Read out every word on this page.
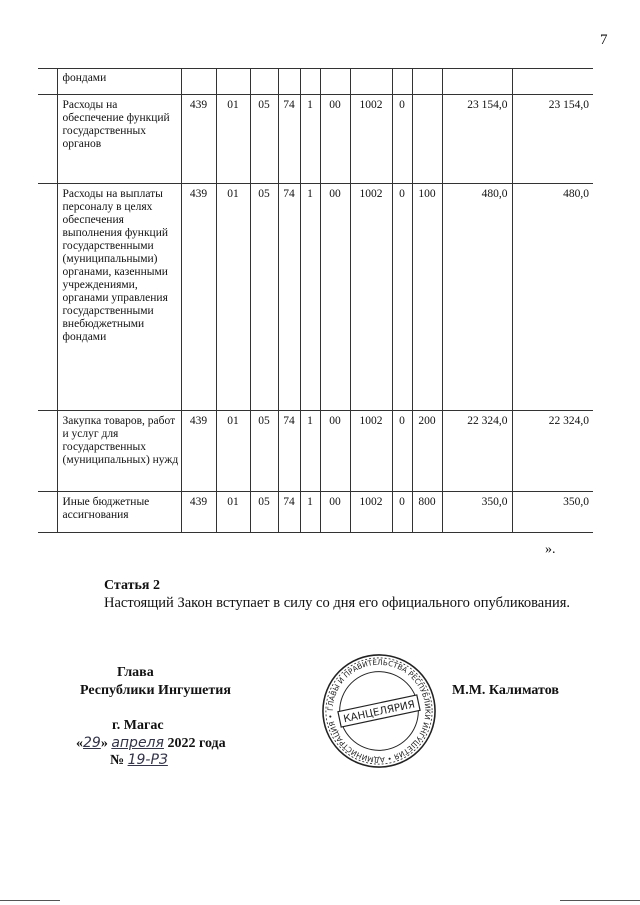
7
	фондами											
	Расходы на обеспечение функций государственных органов	439	01	05	74	1	00	1002	0		23 154,0	23 154,0
	Расходы на выплаты персоналу в целях обеспечения выполнения функций государственными (муниципальными) органами, казенными учреждениями, органами управления государственными внебюджетными фондами	439	01	05	74	1	00	1002	0	100	480,0	480,0
	Закупка товаров, работ и услуг для государственных (муниципальных) нужд	439	01	05	74	1	00	1002	0	200	22 324,0	22 324,0
	Иные бюджетные ассигнования	439	01	05	74	1	00	1002	0	800	350,0	350,0
».
Статья 2
Настоящий Закон вступает в силу со дня его официального опубликования.
Глава
Республики Ингушетия	М.М. Калиматов
г. Магас
«29» апреля 2022 года
№ 19-РЗ
ГЛАВЫ И ПРАВИТЕЛЬСТВА РЕСПУБЛИКИ ИНГУШЕТИЯ • АДМИНИСТРАЦИЯ • КАНЦЕЛЯРИЯ
